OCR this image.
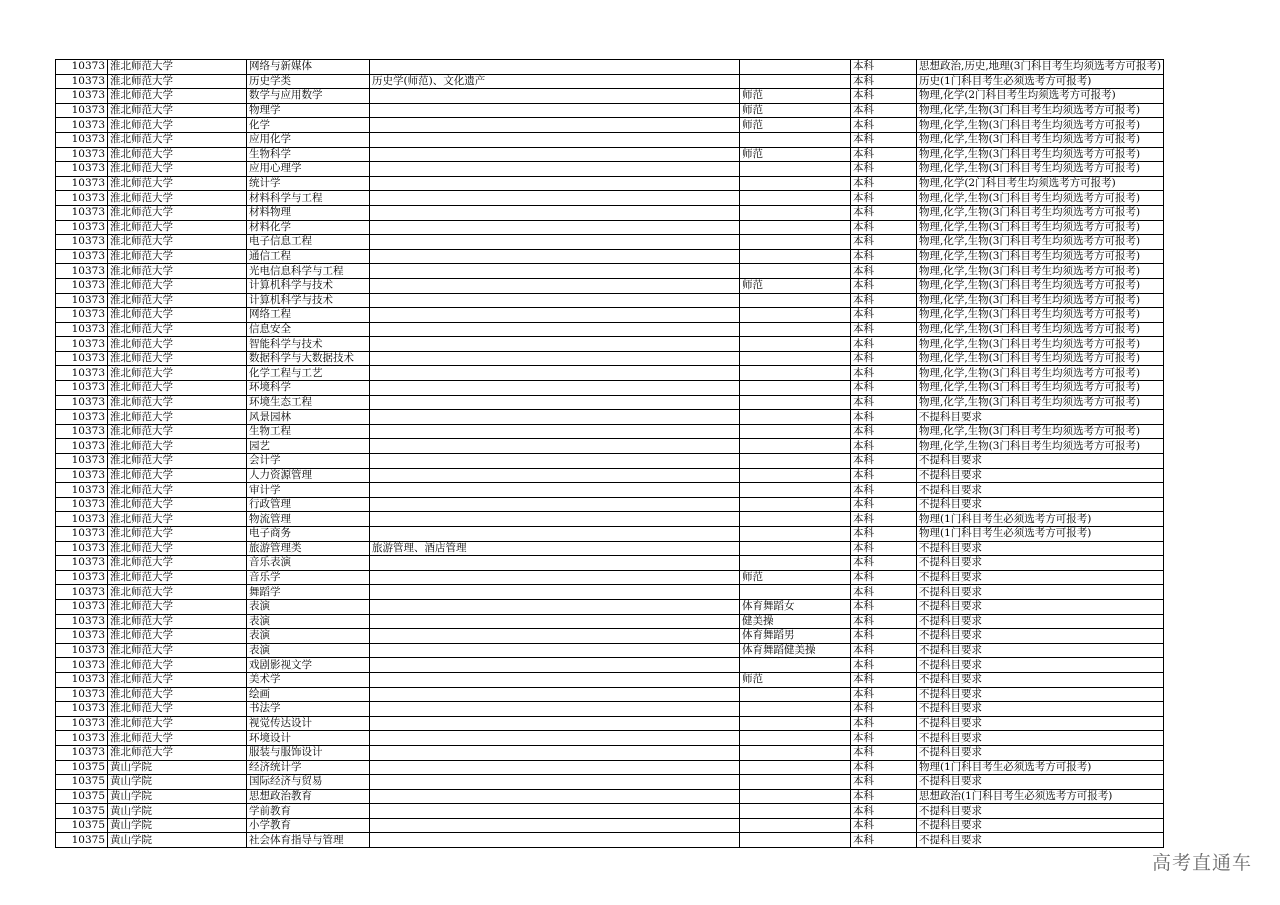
10373	淮北师范大学	网络与新媒体			本科	思想政治,历史,地理(3门科目考生均须选考方可报考)
10373	淮北师范大学	历史学类	历史学(师范)、文化遗产		本科	历史(1门科目考生必须选考方可报考)
10373	淮北师范大学	数学与应用数学		师范	本科	物理,化学(2门科目考生均须选考方可报考)
10373	淮北师范大学	物理学		师范	本科	物理,化学,生物(3门科目考生均须选考方可报考)
10373	淮北师范大学	化学		师范	本科	物理,化学,生物(3门科目考生均须选考方可报考)
10373	淮北师范大学	应用化学			本科	物理,化学,生物(3门科目考生均须选考方可报考)
10373	淮北师范大学	生物科学		师范	本科	物理,化学,生物(3门科目考生均须选考方可报考)
10373	淮北师范大学	应用心理学			本科	物理,化学,生物(3门科目考生均须选考方可报考)
10373	淮北师范大学	统计学			本科	物理,化学(2门科目考生均须选考方可报考)
10373	淮北师范大学	材料科学与工程			本科	物理,化学,生物(3门科目考生均须选考方可报考)
10373	淮北师范大学	材料物理			本科	物理,化学,生物(3门科目考生均须选考方可报考)
10373	淮北师范大学	材料化学			本科	物理,化学,生物(3门科目考生均须选考方可报考)
10373	淮北师范大学	电子信息工程			本科	物理,化学,生物(3门科目考生均须选考方可报考)
10373	淮北师范大学	通信工程			本科	物理,化学,生物(3门科目考生均须选考方可报考)
10373	淮北师范大学	光电信息科学与工程			本科	物理,化学,生物(3门科目考生均须选考方可报考)
10373	淮北师范大学	计算机科学与技术		师范	本科	物理,化学,生物(3门科目考生均须选考方可报考)
10373	淮北师范大学	计算机科学与技术			本科	物理,化学,生物(3门科目考生均须选考方可报考)
10373	淮北师范大学	网络工程			本科	物理,化学,生物(3门科目考生均须选考方可报考)
10373	淮北师范大学	信息安全			本科	物理,化学,生物(3门科目考生均须选考方可报考)
10373	淮北师范大学	智能科学与技术			本科	物理,化学,生物(3门科目考生均须选考方可报考)
10373	淮北师范大学	数据科学与大数据技术			本科	物理,化学,生物(3门科目考生均须选考方可报考)
10373	淮北师范大学	化学工程与工艺			本科	物理,化学,生物(3门科目考生均须选考方可报考)
10373	淮北师范大学	环境科学			本科	物理,化学,生物(3门科目考生均须选考方可报考)
10373	淮北师范大学	环境生态工程			本科	物理,化学,生物(3门科目考生均须选考方可报考)
10373	淮北师范大学	风景园林			本科	不提科目要求
10373	淮北师范大学	生物工程			本科	物理,化学,生物(3门科目考生均须选考方可报考)
10373	淮北师范大学	园艺			本科	物理,化学,生物(3门科目考生均须选考方可报考)
10373	淮北师范大学	会计学			本科	不提科目要求
10373	淮北师范大学	人力资源管理			本科	不提科目要求
10373	淮北师范大学	审计学			本科	不提科目要求
10373	淮北师范大学	行政管理			本科	不提科目要求
10373	淮北师范大学	物流管理			本科	物理(1门科目考生必须选考方可报考)
10373	淮北师范大学	电子商务			本科	物理(1门科目考生必须选考方可报考)
10373	淮北师范大学	旅游管理类	旅游管理、酒店管理		本科	不提科目要求
10373	淮北师范大学	音乐表演			本科	不提科目要求
10373	淮北师范大学	音乐学		师范	本科	不提科目要求
10373	淮北师范大学	舞蹈学			本科	不提科目要求
10373	淮北师范大学	表演		体育舞蹈女	本科	不提科目要求
10373	淮北师范大学	表演		健美操	本科	不提科目要求
10373	淮北师范大学	表演		体育舞蹈男	本科	不提科目要求
10373	淮北师范大学	表演		体育舞蹈健美操	本科	不提科目要求
10373	淮北师范大学	戏剧影视文学			本科	不提科目要求
10373	淮北师范大学	美术学		师范	本科	不提科目要求
10373	淮北师范大学	绘画			本科	不提科目要求
10373	淮北师范大学	书法学			本科	不提科目要求
10373	淮北师范大学	视觉传达设计			本科	不提科目要求
10373	淮北师范大学	环境设计			本科	不提科目要求
10373	淮北师范大学	服装与服饰设计			本科	不提科目要求
10375	黄山学院	经济统计学			本科	物理(1门科目考生必须选考方可报考)
10375	黄山学院	国际经济与贸易			本科	不提科目要求
10375	黄山学院	思想政治教育			本科	思想政治(1门科目考生必须选考方可报考)
10375	黄山学院	学前教育			本科	不提科目要求
10375	黄山学院	小学教育			本科	不提科目要求
10375	黄山学院	社会体育指导与管理			本科	不提科目要求
高考直通车
